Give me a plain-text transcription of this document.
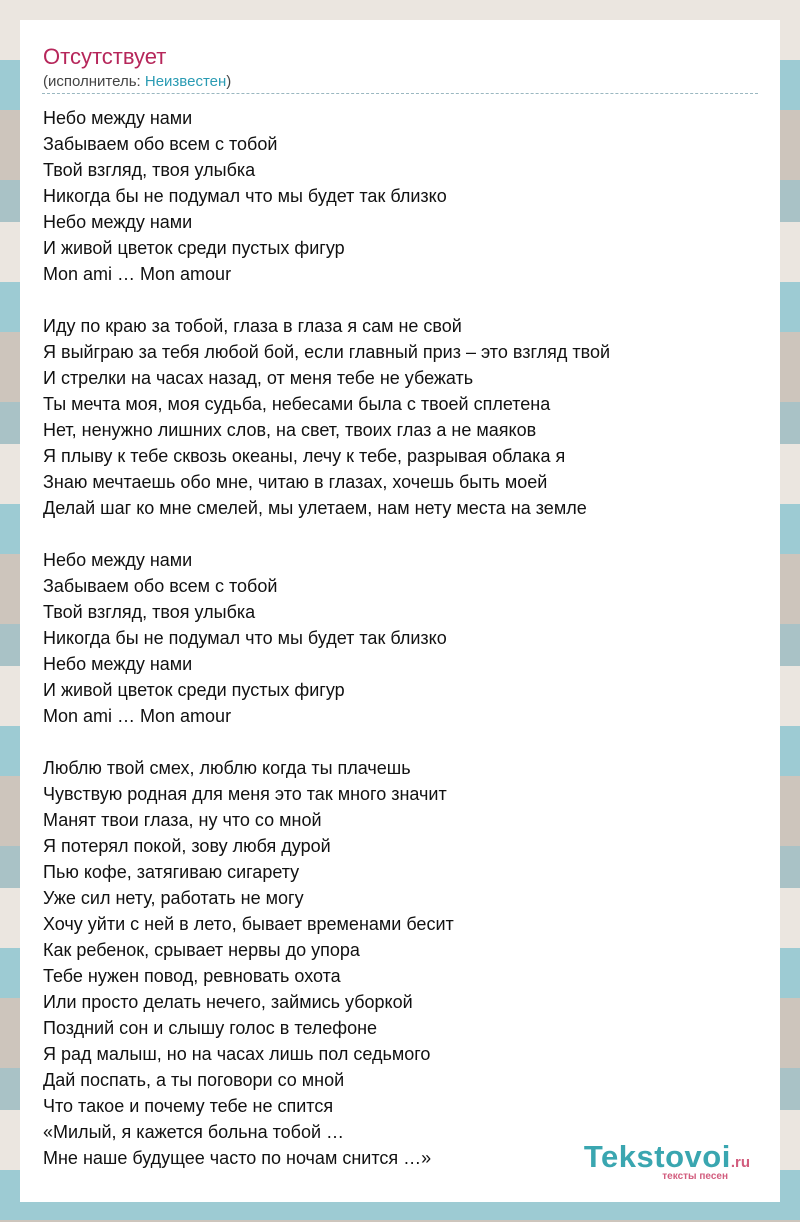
Отсутствует
(исполнитель: Неизвестен)
Небо между нами
Забываем обо всем с тобой
Твой взгляд, твоя улыбка
Никогда бы не подумал что мы будет так близко
Небо между нами
И живой цветок среди пустых фигур
Mon ami … Mon amour
Иду по краю за тобой, глаза в глаза я сам не свой
Я выйграю за тебя любой бой, если главный приз – это взгляд твой
И стрелки на часах назад, от меня тебе не убежать
Ты мечта моя, моя судьба, небесами была с твоей сплетена
Нет, ненужно лишних слов, на свет, твоих глаз а не маяков
Я плыву к тебе сквозь океаны, лечу к тебе, разрывая облака я
Знаю мечтаешь обо мне, читаю в глазах, хочешь быть моей
Делай шаг ко мне смелей, мы улетаем, нам нету места на земле
Небо между нами
Забываем обо всем с тобой
Твой взгляд, твоя улыбка
Никогда бы не подумал что мы будет так близко
Небо между нами
И живой цветок среди пустых фигур
Mon ami … Mon amour
Люблю твой смех, люблю когда ты плачешь
Чувствую родная для меня это так много значит
Манят твои глаза, ну что со мной
Я потерял покой, зову любя дурой
Пью кофе, затягиваю сигарету
Уже сил нету, работать не могу
Хочу уйти с ней в лето, бывает временами бесит
Как ребенок, срывает нервы до упора
Тебе нужен повод, ревновать охота
Или просто делать нечего, займись уборкой
Поздний сон и слышу голос в телефоне
Я рад малыш, но на часах лишь пол седьмого
Дай поспать, а ты поговори со мной
Что такое и почему тебе не спится
«Милый, я кажется больна тобой …
Мне наше будущее часто по ночам снится …»	Tekstovoi.ru
тексты песен
